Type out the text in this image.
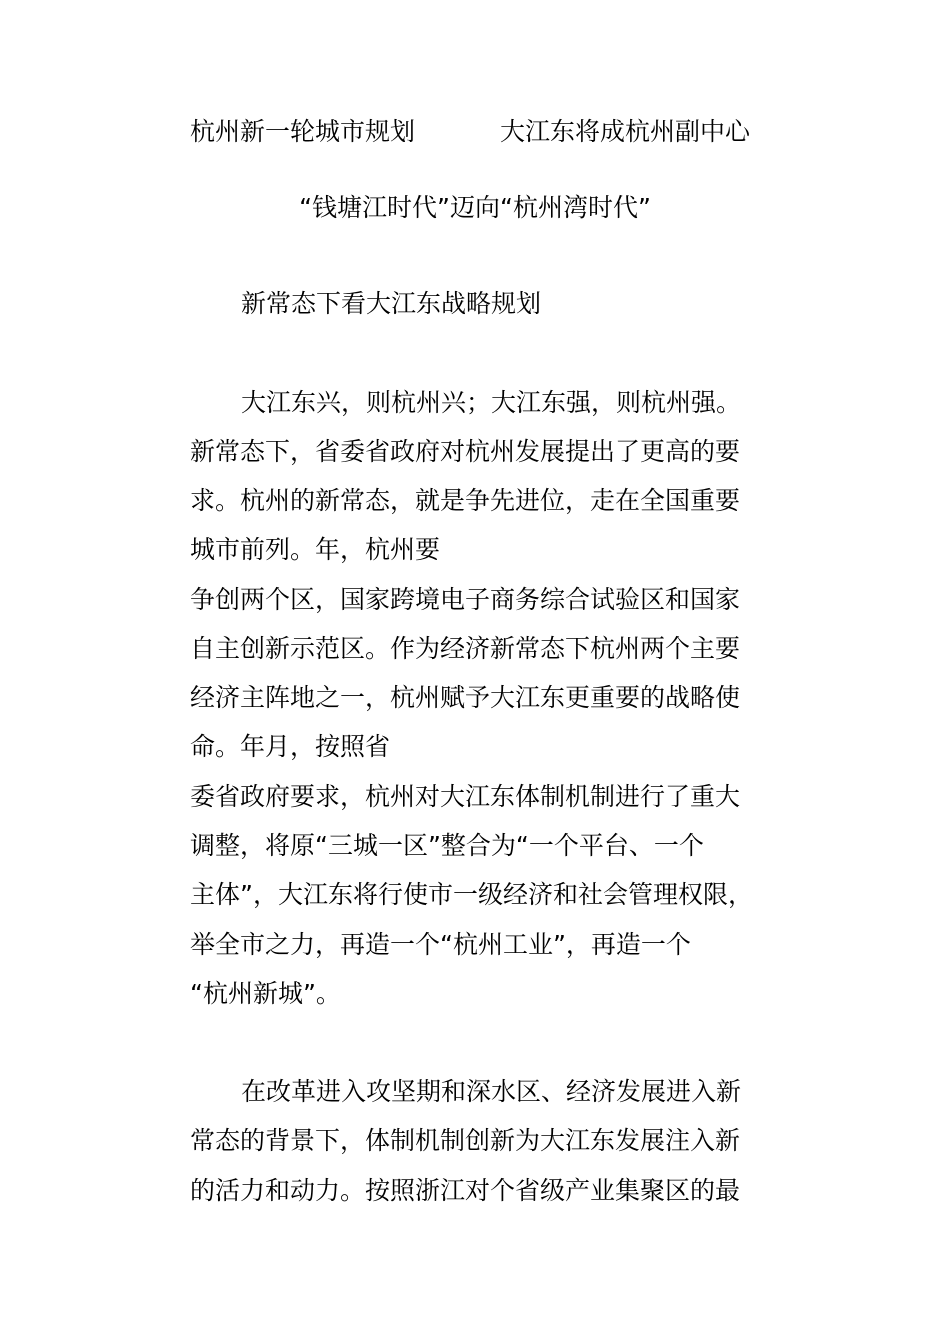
杭州新一轮城市规划	大江东将成杭州副中心
“钱塘江时代”迈向“杭州湾时代”
新常态下看大江东战略规划
大江东兴，则杭州兴；大江东强，则杭州强。
新常态下，省委省政府对杭州发展提出了更高的要
求。杭州的新常态，就是争先进位，走在全国重要
城市前列。年，杭州要
争创两个区，国家跨境电子商务综合试验区和国家
自主创新示范区。作为经济新常态下杭州两个主要
经济主阵地之一，杭州赋予大江东更重要的战略使
命。年月，按照省
委省政府要求，杭州对大江东体制机制进行了重大
调整，将原“三城一区”整合为“一个平台、一个
主体”，大江东将行使市一级经济和社会管理权限，
举全市之力，再造一个“杭州工业”，再造一个
“杭州新城”。
在改革进入攻坚期和深水区、经济发展进入新
常态的背景下，体制机制创新为大江东发展注入新
的活力和动力。按照浙江对个省级产业集聚区的最
